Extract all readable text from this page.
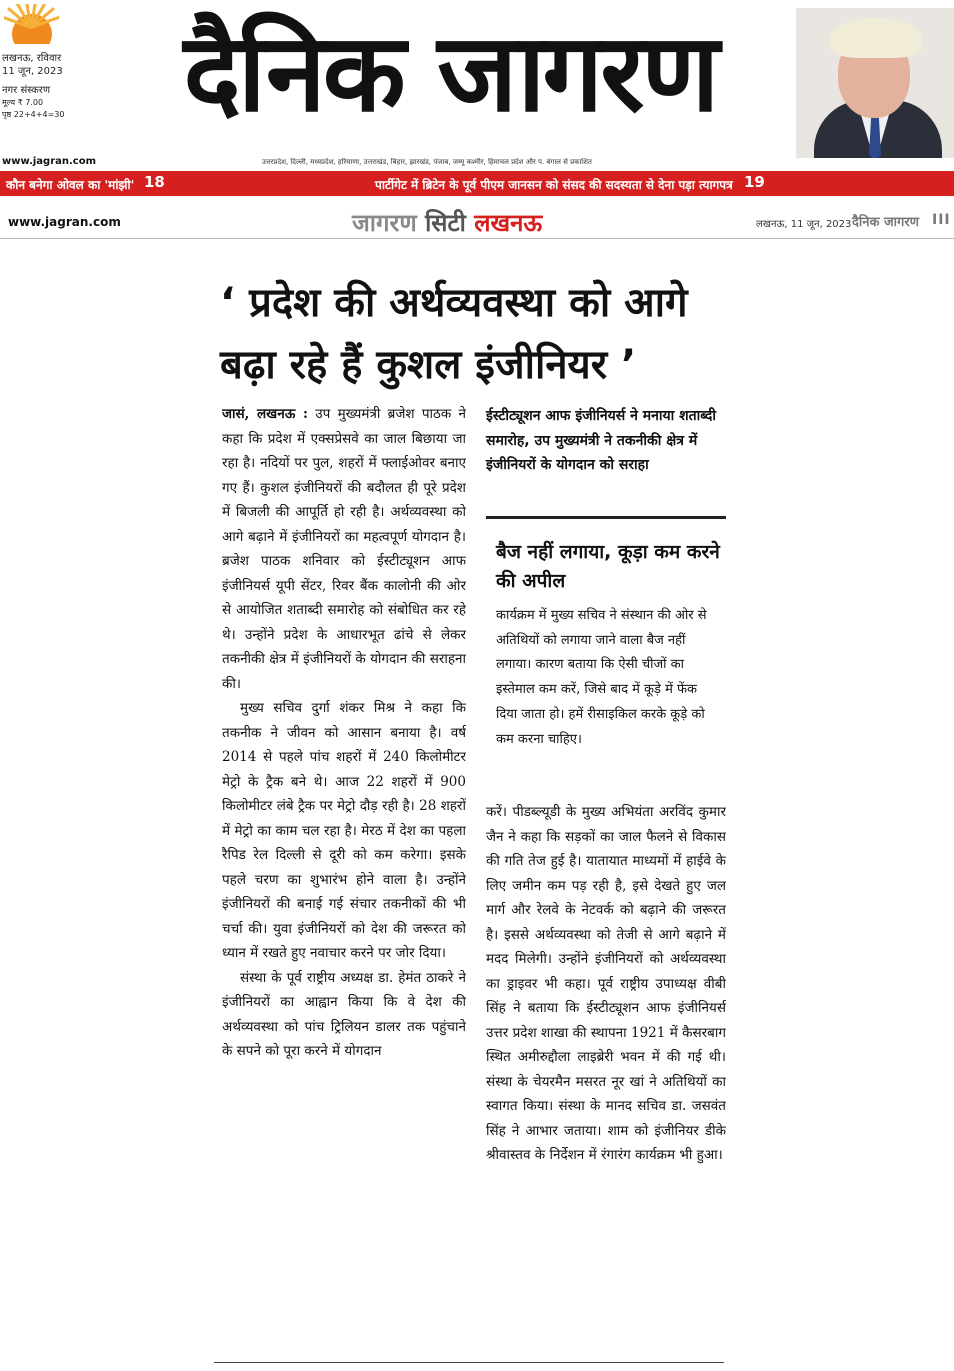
लखनऊ, रविवार
11 जून, 2023
नगर संस्करण
मूल्य ₹ 7.00
पृष्ठ 22+4+4=30	दैनिक जागरण
www.jagran.com	उत्तरप्रदेश, दिल्ली, मध्यप्रदेश, हरियाणा, उत्तराखंड, बिहार, झारखंड, पंजाब, जम्मू कश्मीर, हिमाचल प्रदेश और प. बंगाल से प्रकाशित
कौन बनेगा ओवल का 'मांझी' 18	पार्टीगेट में ब्रिटेन के पूर्व पीएम जानसन को संसद की सदस्यता से देना पड़ा त्यागपत्र 19
www.jagran.com	जागरण सिटी लखनऊ	लखनऊ, 11 जून, 2023 दैनिक जागरण III
‘ प्रदेश की अर्थव्यवस्था को आगे
बढ़ा रहे हैं कुशल इंजीनियर ’

जासं, लखनऊ : उप मुख्यमंत्री ब्रजेश पाठक ने कहा कि प्रदेश में एक्सप्रेसवे का जाल बिछाया जा रहा है। नदियों पर पुल, शहरों में फ्लाईओवर बनाए गए हैं। कुशल इंजीनियरों की बदौलत ही पूरे प्रदेश में बिजली की आपूर्ति हो रही है। अर्थव्यवस्था को आगे बढ़ाने में इंजीनियरों का महत्वपूर्ण योगदान है। ब्रजेश पाठक शनिवार को ईस्टीट्यूशन आफ इंजीनियर्स यूपी सेंटर, रिवर बैंक कालोनी की ओर से आयोजित शताब्दी समारोह को संबोधित कर रहे थे। उन्होंने प्रदेश के आधारभूत ढांचे से लेकर तकनीकी क्षेत्र में इंजीनियरों के योगदान की सराहना की।

मुख्य सचिव दुर्गा शंकर मिश्र ने कहा कि तकनीक ने जीवन को आसान बनाया है। वर्ष 2014 से पहले पांच शहरों में 240 किलोमीटर मेट्रो के ट्रैक बने थे। आज 22 शहरों में 900 किलोमीटर लंबे ट्रैक पर मेट्रो दौड़ रही है। 28 शहरों में मेट्रो का काम चल रहा है। मेरठ में देश का पहला रैपिड रेल दिल्ली से दूरी को कम करेगा। इसके पहले चरण का शुभारंभ होने वाला है। उन्होंने इंजीनियरों की बनाई गई संचार तकनीकों की भी चर्चा की। युवा इंजीनियरों को देश की जरूरत को ध्यान में रखते हुए नवाचार करने पर जोर दिया।

संस्था के पूर्व राष्ट्रीय अध्यक्ष डा. हेमंत ठाकरे ने इंजीनियरों का आह्वान किया कि वे देश की अर्थव्यवस्था को पांच ट्रिलियन डालर तक पहुंचाने के सपने को पूरा करने में योगदान

ईस्टीट्यूशन आफ इंजीनियर्स ने मनाया शताब्दी समारोह, उप मुख्यमंत्री ने तकनीकी क्षेत्र में इंजीनियरों के योगदान को सराहा
बैज नहीं लगाया, कूड़ा कम करने की अपील
कार्यक्रम में मुख्य सचिव ने संस्थान की ओर से अतिथियों को लगाया जाने वाला बैज नहीं लगाया। कारण बताया कि ऐसी चीजों का इस्तेमाल कम करें, जिसे बाद में कूड़े में फेंक दिया जाता हो। हमें रीसाइकिल करके कूड़े को कम करना चाहिए।

करें। पीडब्ल्यूडी के मुख्य अभियंता अरविंद कुमार जैन ने कहा कि सड़कों का जाल फैलने से विकास की गति तेज हुई है। यातायात माध्यमों में हाईवे के लिए जमीन कम पड़ रही है, इसे देखते हुए जल मार्ग और रेलवे के नेटवर्क को बढ़ाने की जरूरत है। इससे अर्थव्यवस्था को तेजी से आगे बढ़ाने में मदद मिलेगी। उन्होंने इंजीनियरों को अर्थव्यवस्था का ड्राइवर भी कहा। पूर्व राष्ट्रीय उपाध्यक्ष वीबी सिंह ने बताया कि ईस्टीट्यूशन आफ इंजीनियर्स उत्तर प्रदेश शाखा की स्थापना 1921 में कैसरबाग स्थित अमीरुद्दौला लाइब्रेरी भवन में की गई थी। संस्था के चेयरमैन मसरत नूर खां ने अतिथियों का स्वागत किया। संस्था के मानद सचिव डा. जसवंत सिंह ने आभार जताया। शाम को इंजीनियर डीके श्रीवास्तव के निर्देशन में रंगारंग कार्यक्रम भी हुआ।
